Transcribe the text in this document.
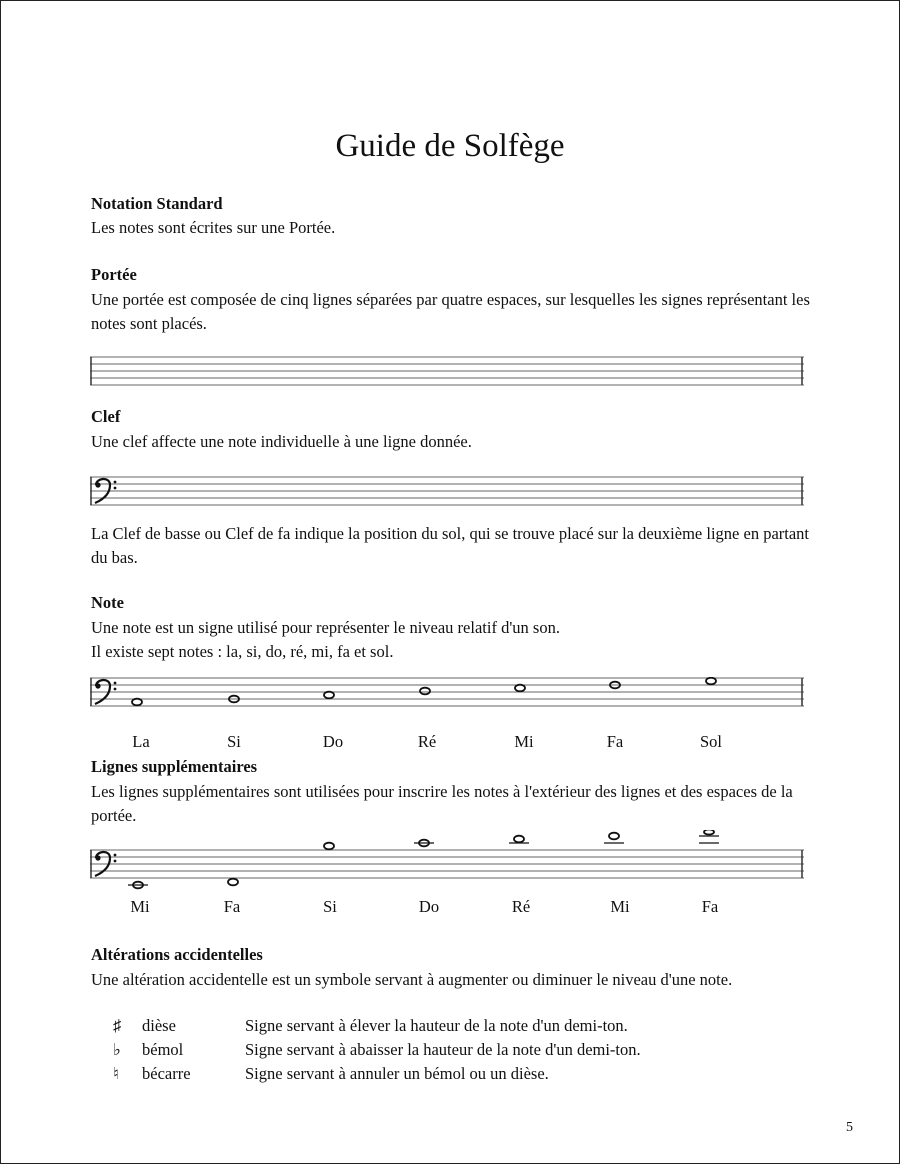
Guide de Solfège
Notation Standard
Les notes sont écrites sur une Portée.
Portée
Une portée est composée de cinq lignes séparées par quatre espaces, sur lesquelles les signes représentant les notes sont placés.
Clef
Une clef affecte une note individuelle à une ligne donnée.
La Clef de basse ou Clef de fa indique la position du sol, qui se trouve placé sur la deuxième ligne en partant du bas.
Note
Une note est un signe utilisé pour représenter le niveau relatif d'un son.
Il existe sept notes : la, si, do, ré, mi, fa et sol.
La	Si	Do	Ré	Mi	Fa	Sol
Lignes supplémentaires
Les lignes supplémentaires sont utilisées pour inscrire les notes à l'extérieur des lignes et des espaces de la portée.
Mi	Fa	Si	Do	Ré	Mi	Fa
Altérations accidentelles
Une altération accidentelle est un symbole servant à augmenter ou diminuer le niveau d'une note.
♯ dièse	Signe servant à élever la hauteur de la note d'un demi-ton.
♭ bémol	Signe servant à abaisser la hauteur de la note d'un demi-ton.
♮ bécarre	Signe servant à annuler un bémol ou un dièse.
5
